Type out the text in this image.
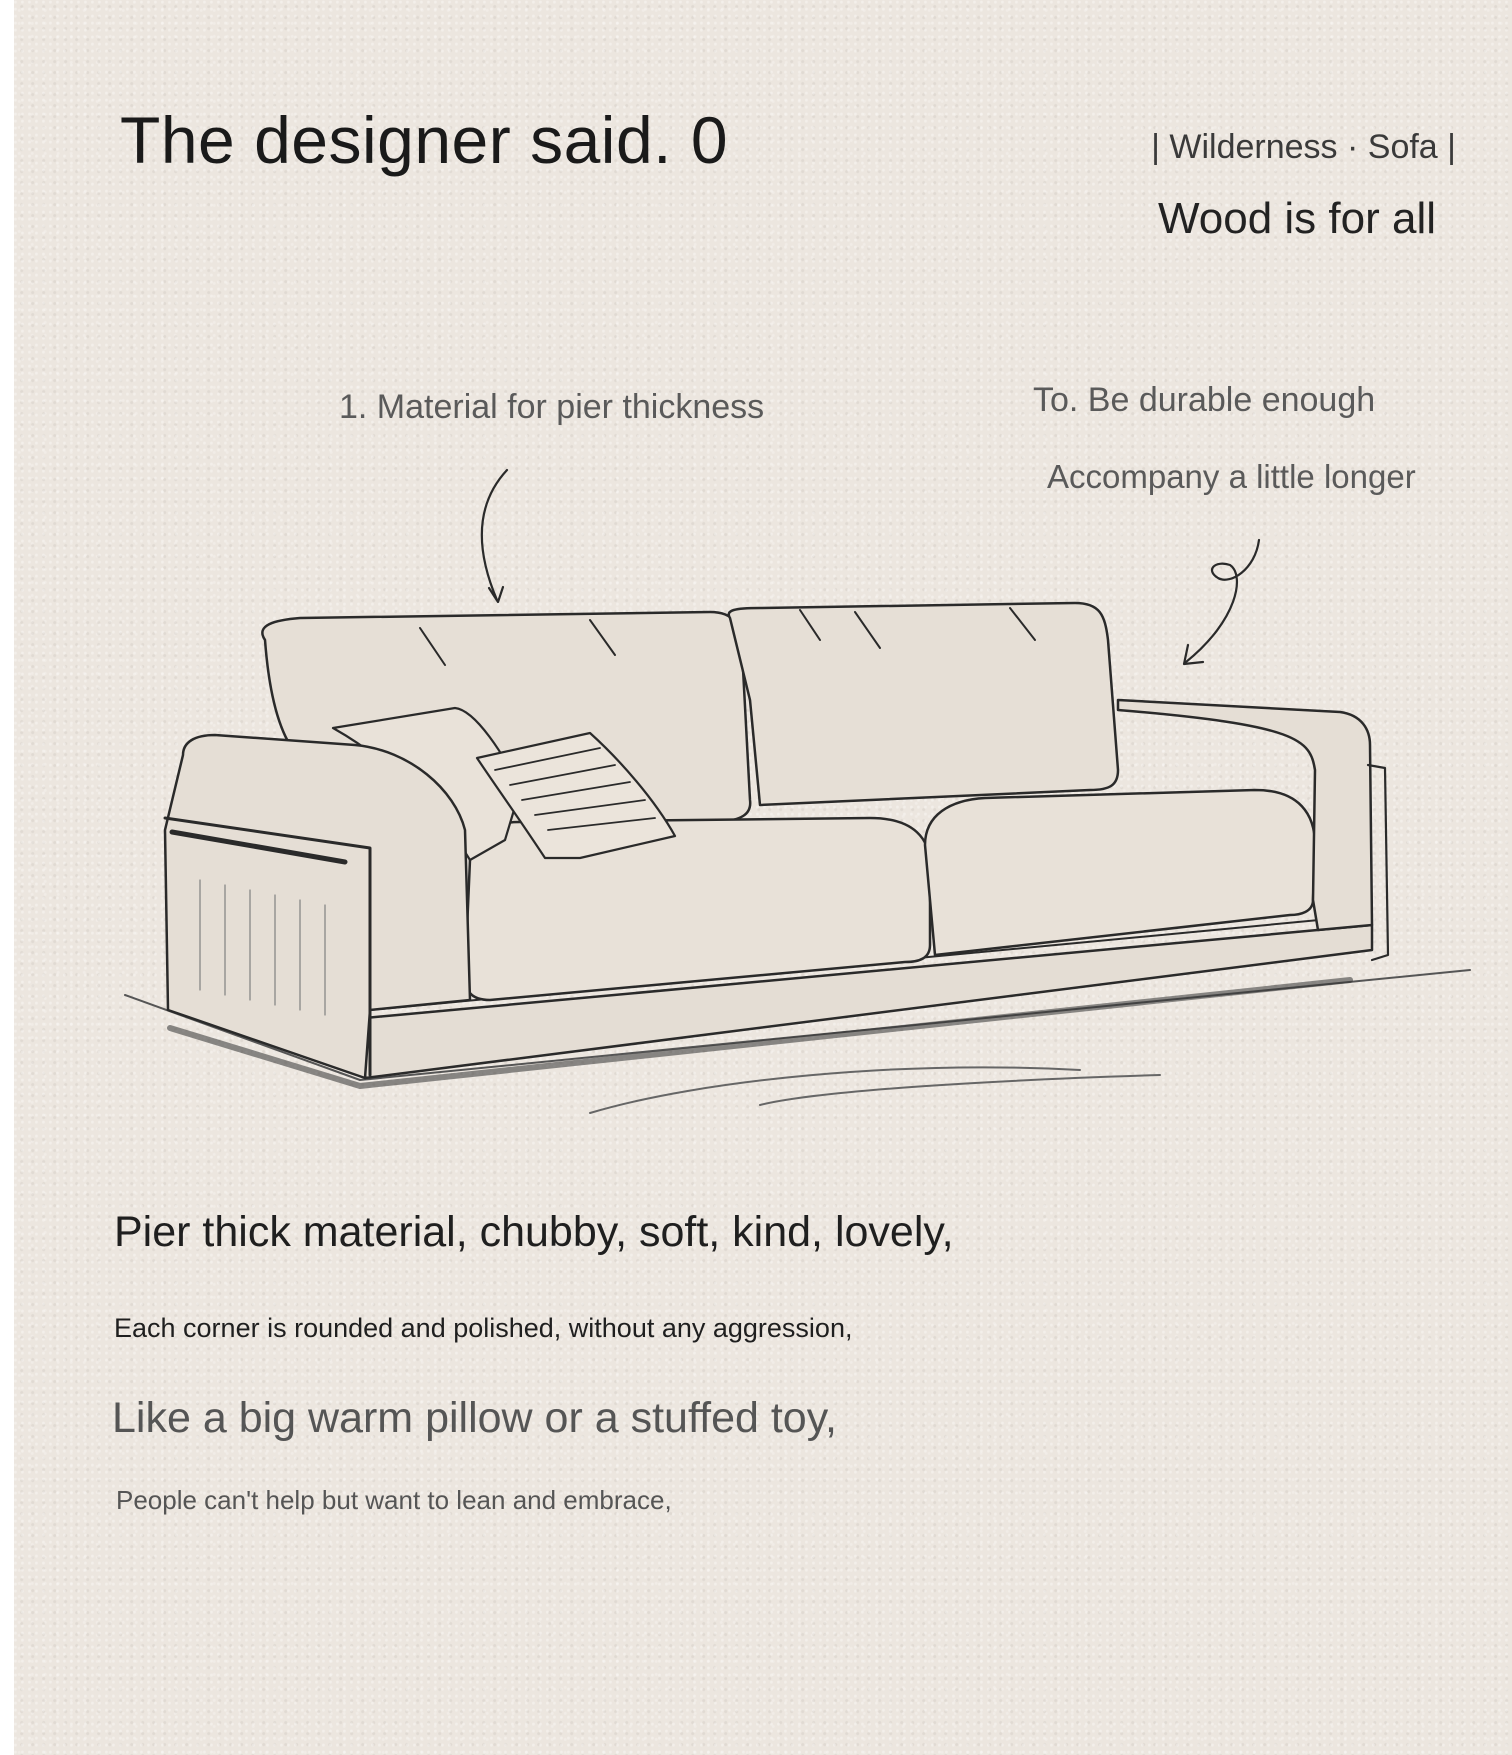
The designer said. 0	| Wilderness · Sofa |
Wood is for all
1. Material for pier thickness	To. Be durable enough
Accompany a little longer
Pier thick material, chubby, soft, kind, lovely,
Each corner is rounded and polished, without any aggression,
Like a big warm pillow or a stuffed toy,
People can't help but want to lean and embrace,
